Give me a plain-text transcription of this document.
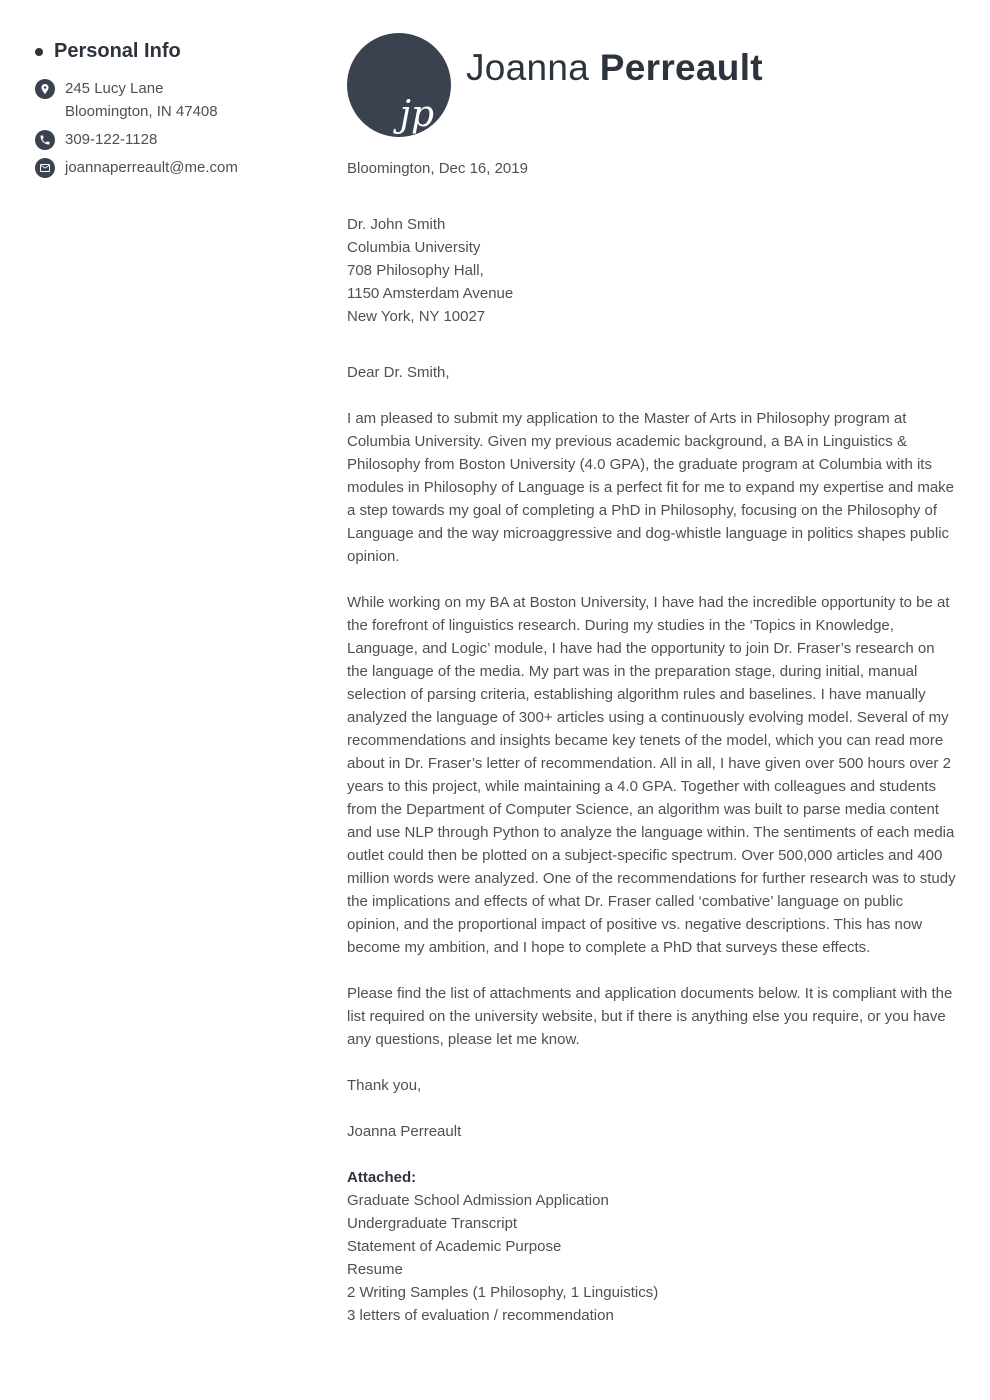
Personal Info
245 Lucy Lane
Bloomington, IN 47408
309-122-1128
joannaperreault@me.com
jp
Joanna Perreault
Bloomington, Dec 16, 2019
Dr. John Smith
Columbia University
708 Philosophy Hall,
1150 Amsterdam Avenue
New York, NY 10027
Dear Dr. Smith,

I am pleased to submit my application to the Master of Arts in Philosophy program at Columbia University. Given my previous academic background, a BA in Linguistics & Philosophy from Boston University (4.0 GPA), the graduate program at Columbia with its modules in Philosophy of Language is a perfect fit for me to expand my expertise and make a step towards my goal of completing a PhD in Philosophy, focusing on the Philosophy of Language and the way microaggressive and dog-whistle language in politics shapes public opinion.

While working on my BA at Boston University, I have had the incredible opportunity to be at the forefront of linguistics research. During my studies in the ‘Topics in Knowledge, Language, and Logic’ module, I have had the opportunity to join Dr. Fraser’s research on the language of the media. My part was in the preparation stage, during initial, manual selection of parsing criteria, establishing algorithm rules and baselines. I have manually analyzed the language of 300+ articles using a continuously evolving model. Several of my recommendations and insights became key tenets of the model, which you can read more about in Dr. Fraser’s letter of recommendation. All in all, I have given over 500 hours over 2 years to this project, while maintaining a 4.0 GPA. Together with colleagues and students from the Department of Computer Science, an algorithm was built to parse media content and use NLP through Python to analyze the language within. The sentiments of each media outlet could then be plotted on a subject-specific spectrum. Over 500,000 articles and 400 million words were analyzed. One of the recommendations for further research was to study the implications and effects of what Dr. Fraser called ‘combative’ language on public opinion, and the proportional impact of positive vs. negative descriptions. This has now become my ambition, and I hope to complete a PhD that surveys these effects.

Please find the list of attachments and application documents below. It is compliant with the list required on the university website, but if there is anything else you require, or you have any questions, please let me know.

Thank you,
Joanna Perreault
Attached:
Graduate School Admission Application
Undergraduate Transcript
Statement of Academic Purpose
Resume
2 Writing Samples (1 Philosophy, 1 Linguistics)
3 letters of evaluation / recommendation
